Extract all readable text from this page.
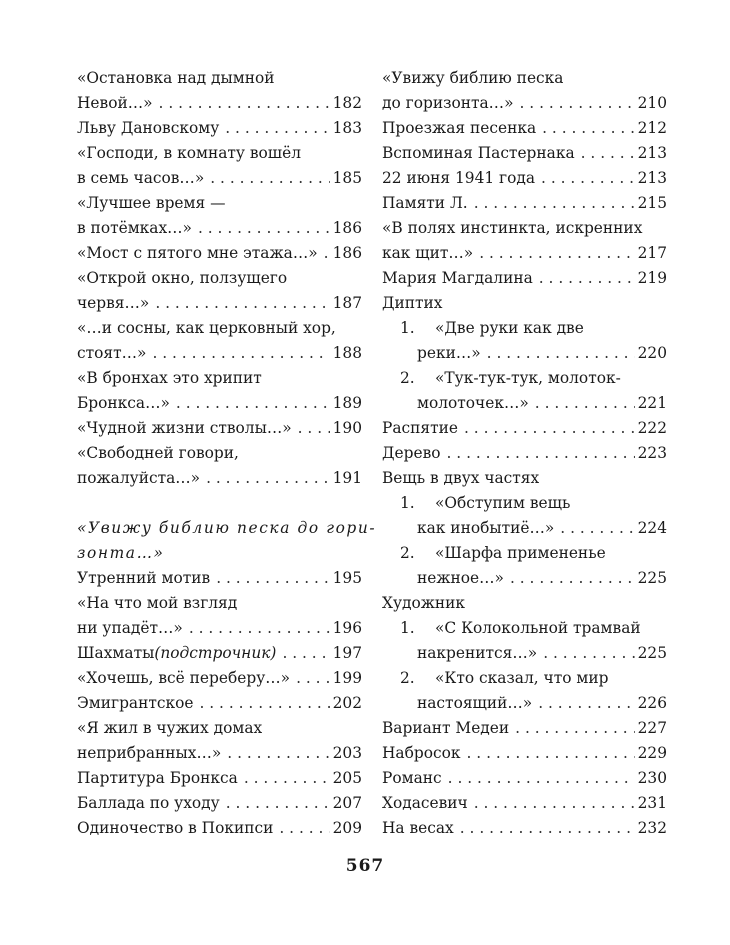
«Остановка над дымной
Невой…» . . .	182
Льву Дановскому . . .	183
«Господи, в комнату вошёл
в семь часов…» . . .	185
«Лучшее время —
в потёмках…» . . .	186
«Мост с пятого мне этажа…» . . . 186
«Открой окно, ползущего
червя…» . . .	187
«…и сосны, как церковный хор,
стоят…» . . .	188
«В бронхах это хрипит
Бронкса…» . . .	189
«Чудной жизни стволы…» . . .	190
«Свободней говори,
пожалуйста…» . . .	191
«Увижу библию песка до гори-
зонта…»
Утренний мотив . . .	195
«На что мой взгляд
ни упадёт…» . . .	196
Шахматы (подстрочник) . . .	197
«Хочешь, всё переберу…» . . .	199
Эмигрантское . . .	202
«Я жил в чужих домах
неприбранных…» . . .	203
Партитура Бронкса . . .	205
Баллада по уходу . . .	207
Одиночество в Покипси . . .	209
«Увижу библию песка
до горизонта…» . . .	210
Проезжая песенка . . .	212
Вспоминая Пастернака . . .	213
22 июня 1941 года . . .	213
Памяти Л. . . .	215
«В полях инстинкта, искренних
как щит…» . . .	217
Мария Магдалина . . .	219
Диптих
1.	«Две руки как две
реки…» . . .	220
2.	«Тук-тук-тук, молоток-
молоточек…» . . .	221
Распятие . . .	222
Дерево . . .	223
Вещь в двух частях
1.	«Обступим вещь
как инобытиё…» . . .	224
2.	«Шарфа примененье
нежное…» . . .	225
Художник
1.	«С Колокольной трамвай
накренится…» . . .	225
2.	«Кто сказал, что мир
настоящий…» . . .	226
Вариант Медеи . . .	227
Набросок . . .	229
Романс . . .	230
Ходасевич . . .	231
На весах . . .	232
567
